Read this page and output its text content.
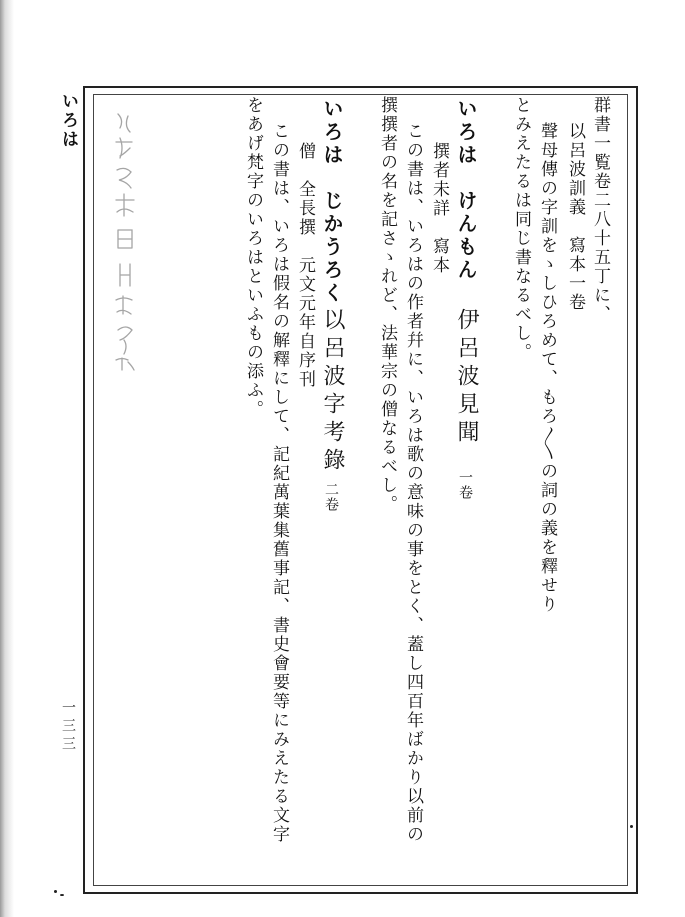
いろは	群書一覧卷二八十五丁に、
以呂波訓義　寫本一卷
聲母傳の字訓をゝしひろめて、もろ〳〵の詞の義を釋せり
とみえたるは同じ書なるべし。
いろは　けんもん
伊呂波見聞
一卷
撰者未詳　寫本
この書は、いろはの作者幷に、いろは歌の意味の事をとく、蓋し四百年ばかり以前の
撰撰者の名を記さゝれど、法華宗の僧なるべし。
いろは　じかうろく
以呂波字考錄
二卷
僧　全長撰　元文元年自序刊
この書は、いろは假名の解釋にして、記紀萬葉集舊事記、書史會要等にみえたる文字
をあげ梵字のいろはといふもの添ふ。
一三三
